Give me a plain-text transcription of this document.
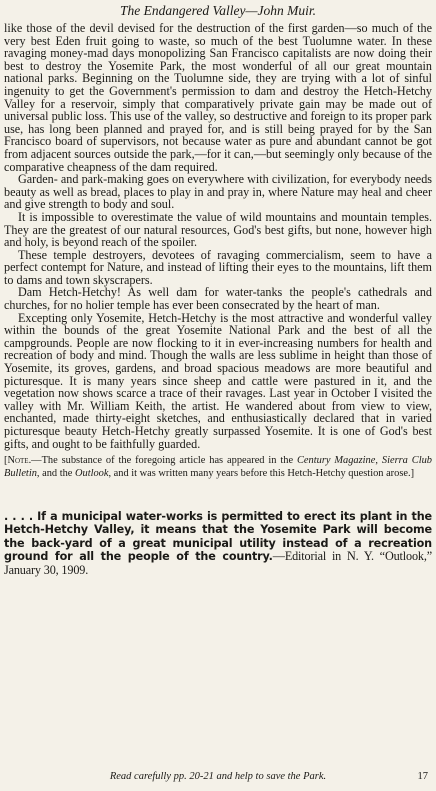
The Endangered Valley—John Muir.

like those of the devil devised for the destruction of the first garden—so much of the very best Eden fruit going to waste, so much of the best Tuolumne water. In these ravaging money-mad days monopolizing San Francisco capitalists are now doing their best to destroy the Yosemite Park, the most wonderful of all our great mountain national parks. Beginning on the Tuolumne side, they are trying with a lot of sinful ingenuity to get the Government's permission to dam and destroy the Hetch-Hetchy Valley for a reservoir, simply that comparatively private gain may be made out of universal public loss. This use of the valley, so destructive and foreign to its proper park use, has long been planned and prayed for, and is still being prayed for by the San Francisco board of supervisors, not because water as pure and abundant cannot be got from adjacent sources outside the park,—for it can,—but seemingly only because of the comparative cheapness of the dam required.

Garden- and park-making goes on everywhere with civilization, for everybody needs beauty as well as bread, places to play in and pray in, where Nature may heal and cheer and give strength to body and soul.

It is impossible to overestimate the value of wild mountains and mountain temples. They are the greatest of our natural resources, God's best gifts, but none, however high and holy, is beyond reach of the spoiler.

These temple destroyers, devotees of ravaging commercialism, seem to have a perfect contempt for Nature, and instead of lifting their eyes to the mountains, lift them to dams and town skyscrapers.

Dam Hetch-Hetchy! As well dam for water-tanks the people's cathedrals and churches, for no holier temple has ever been consecrated by the heart of man.

Excepting only Yosemite, Hetch-Hetchy is the most attractive and wonderful valley within the bounds of the great Yosemite National Park and the best of all the campgrounds. People are now flocking to it in ever-increasing numbers for health and recreation of body and mind. Though the walls are less sublime in height than those of Yosemite, its groves, gardens, and broad spacious meadows are more beautiful and picturesque. It is many years since sheep and cattle were pastured in it, and the vegetation now shows scarce a trace of their ravages. Last year in October I visited the valley with Mr. William Keith, the artist. He wandered about from view to view, enchanted, made thirty-eight sketches, and enthusiastically declared that in varied picturesque beauty Hetch-Hetchy greatly surpassed Yosemite. It is one of God's best gifts, and ought to be faithfully guarded.

[Note.—The substance of the foregoing article has appeared in the Century Magazine, Sierra Club Bulletin, and the Outlook, and it was written many years before this Hetch-Hetchy question arose.]
. . . . If a municipal water-works is permitted to erect its plant in the Hetch-Hetchy Valley, it means that the Yosemite Park will become the back-yard of a great municipal utility instead of a recreation ground for all the people of the country.—Editorial in N. Y. “Outlook,” January 30, 1909.
Read carefully pp. 20-21 and help to save the Park.	17
